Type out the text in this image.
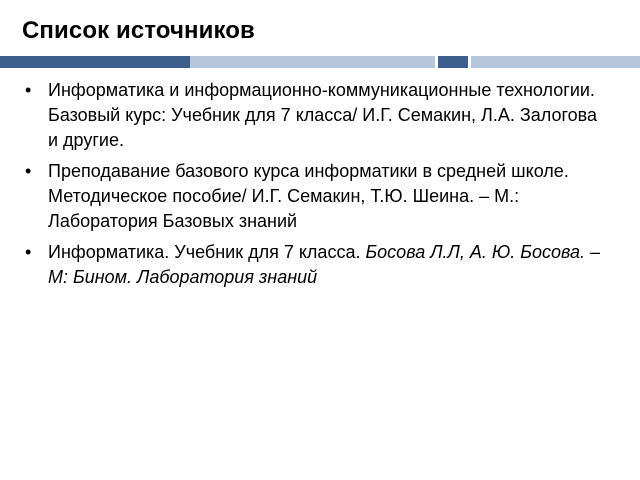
Список источников
• Информатика и информационно-коммуникационные технологии. Базовый курс: Учебник для 7 класса/ И.Г. Семакин, Л.А. Залогова и другие.
• Преподавание базового курса информатики в средней школе. Методическое пособие/ И.Г. Семакин, Т.Ю. Шеина. – М.: Лаборатория Базовых знаний
• Информатика. Учебник для 7 класса. Босова Л.Л, А. Ю. Босова. – М: Бином. Лаборатория знаний
